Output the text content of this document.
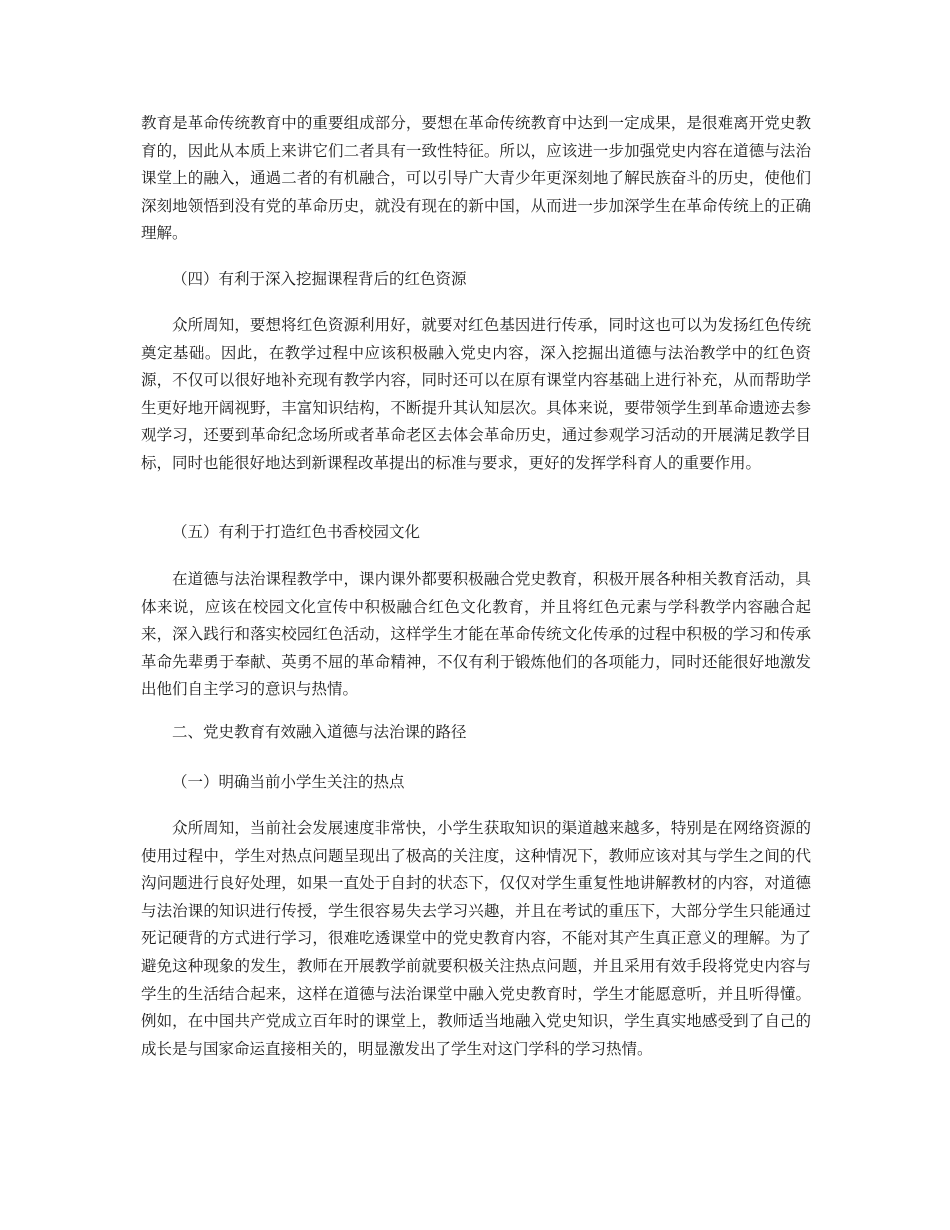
教育是革命传统教育中的重要组成部分，要想在革命传统教育中达到一定成果，是很难离开党史教育的，因此从本质上来讲它们二者具有一致性特征。所以，应该进一步加强党史内容在道德与法治课堂上的融入，通過二者的有机融合，可以引导广大青少年更深刻地了解民族奋斗的历史，使他们深刻地领悟到没有党的革命历史，就没有现在的新中国，从而进一步加深学生在革命传统上的正确理解。

（四）有利于深入挖掘课程背后的红色资源

众所周知，要想将红色资源利用好，就要对红色基因进行传承，同时这也可以为发扬红色传统奠定基础。因此，在教学过程中应该积极融入党史内容，深入挖掘出道德与法治教学中的红色资源，不仅可以很好地补充现有教学内容，同时还可以在原有课堂内容基础上进行补充，从而帮助学生更好地开阔视野，丰富知识结构，不断提升其认知层次。具体来说，要带领学生到革命遗迹去参观学习，还要到革命纪念场所或者革命老区去体会革命历史，通过参观学习活动的开展满足教学目标，同时也能很好地达到新课程改革提出的标准与要求，更好的发挥学科育人的重要作用。

（五）有利于打造红色书香校园文化

在道德与法治课程教学中，课内课外都要积极融合党史教育，积极开展各种相关教育活动，具体来说，应该在校园文化宣传中积极融合红色文化教育，并且将红色元素与学科教学内容融合起来，深入践行和落实校园红色活动，这样学生才能在革命传统文化传承的过程中积极的学习和传承革命先辈勇于奉献、英勇不屈的革命精神，不仅有利于锻炼他们的各项能力，同时还能很好地激发出他们自主学习的意识与热情。

二、党史教育有效融入道德与法治课的路径

（一）明确当前小学生关注的热点

众所周知，当前社会发展速度非常快，小学生获取知识的渠道越来越多，特别是在网络资源的使用过程中，学生对热点问题呈现出了极高的关注度，这种情况下，教师应该对其与学生之间的代沟问题进行良好处理，如果一直处于自封的状态下，仅仅对学生重复性地讲解教材的内容，对道德与法治课的知识进行传授，学生很容易失去学习兴趣，并且在考试的重压下，大部分学生只能通过死记硬背的方式进行学习，很难吃透课堂中的党史教育内容，不能对其产生真正意义的理解。为了避免这种现象的发生，教师在开展教学前就要积极关注热点问题，并且采用有效手段将党史内容与学生的生活结合起来，这样在道德与法治课堂中融入党史教育时，学生才能愿意听，并且听得懂。例如，在中国共产党成立百年时的课堂上，教师适当地融入党史知识，学生真实地感受到了自己的成长是与国家命运直接相关的，明显激发出了学生对这门学科的学习热情。
